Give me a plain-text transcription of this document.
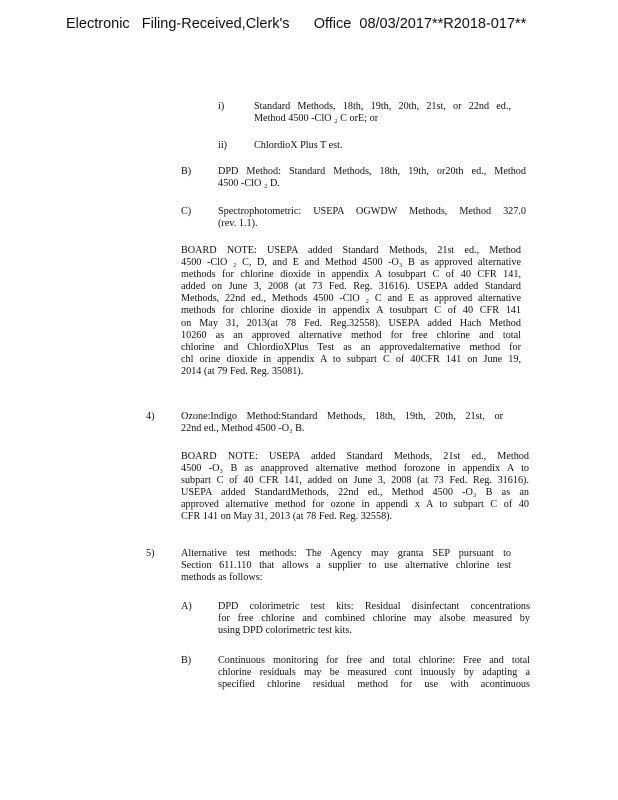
Electronic   Filing-Received,Clerk's      Office  08/03/2017**R2018-017**
i)	Standard Methods, 18th, 19th, 20th, 21st, or 22nd ed.,
Method 4500 -ClO ₂ C orE; or
ii)	ChlordioX Plus T est.
B)	DPD Method: Standard Methods, 18th, 19th, or20th ed., Method
4500 -ClO ₂ D.
C)	Spectrophotometric: USEPA OGWDW Methods, Method 327.0
(rev. 1.1).
BOARD NOTE: USEPA added Standard Methods, 21st ed., Method
4500 -ClO ₂ C, D, and E and Method 4500 -O₃ B as approved alternative
methods for chlorine dioxide in appendix A tosubpart C of 40 CFR 141,
added on June 3, 2008 (at 73 Fed. Reg. 31616). USEPA added Standard
Methods, 22nd ed., Methods 4500 -ClO ₂ C and E as approved alternative
methods for chlorine dioxide in appendix A tosubpart C of 40 CFR 141
on May 31, 2013(at 78 Fed. Reg.32558). USEPA added Hach Method
10260 as an approved alternative method for free chlorine and total
chlorine and ChlordioXPlus Test as an approvedalternative method for
chl orine dioxide in appendix A to subpart C of 40CFR 141 on June 19,
2014 (at 79 Fed. Reg. 35081).
4)	Ozone:Indigo Method:Standard Methods, 18th, 19th, 20th, 21st, or
22nd ed., Method 4500 -O₃ B.
BOARD NOTE: USEPA added Standard Methods, 21st ed., Method
4500 -O₃ B as anapproved alternative method forozone in appendix A to
subpart C of 40 CFR 141, added on June 3, 2008 (at 73 Fed. Reg. 31616).
USEPA added StandardMethods, 22nd ed., Method 4500 -O₃ B as an
approved alternative method for ozone in appendi x A to subpart C of 40
CFR 141 on May 31, 2013 (at 78 Fed. Reg. 32558).
5)	Alternative test methods: The Agency may granta SEP pursuant to
Section 611.110 that allows a supplier to use alternative chlorine test
methods as follows:
A)	DPD colorimetric test kits: Residual disinfectant concentrations
for free chlorine and combined chlorine may alsobe measured by
using DPD colorimetric test kits.
B)	Continuous monitoring for free and total chlorine: Free and total
chlorine residuals may be measured cont inuously by adapting a
specified chlorine residual method for use with acontinuous
